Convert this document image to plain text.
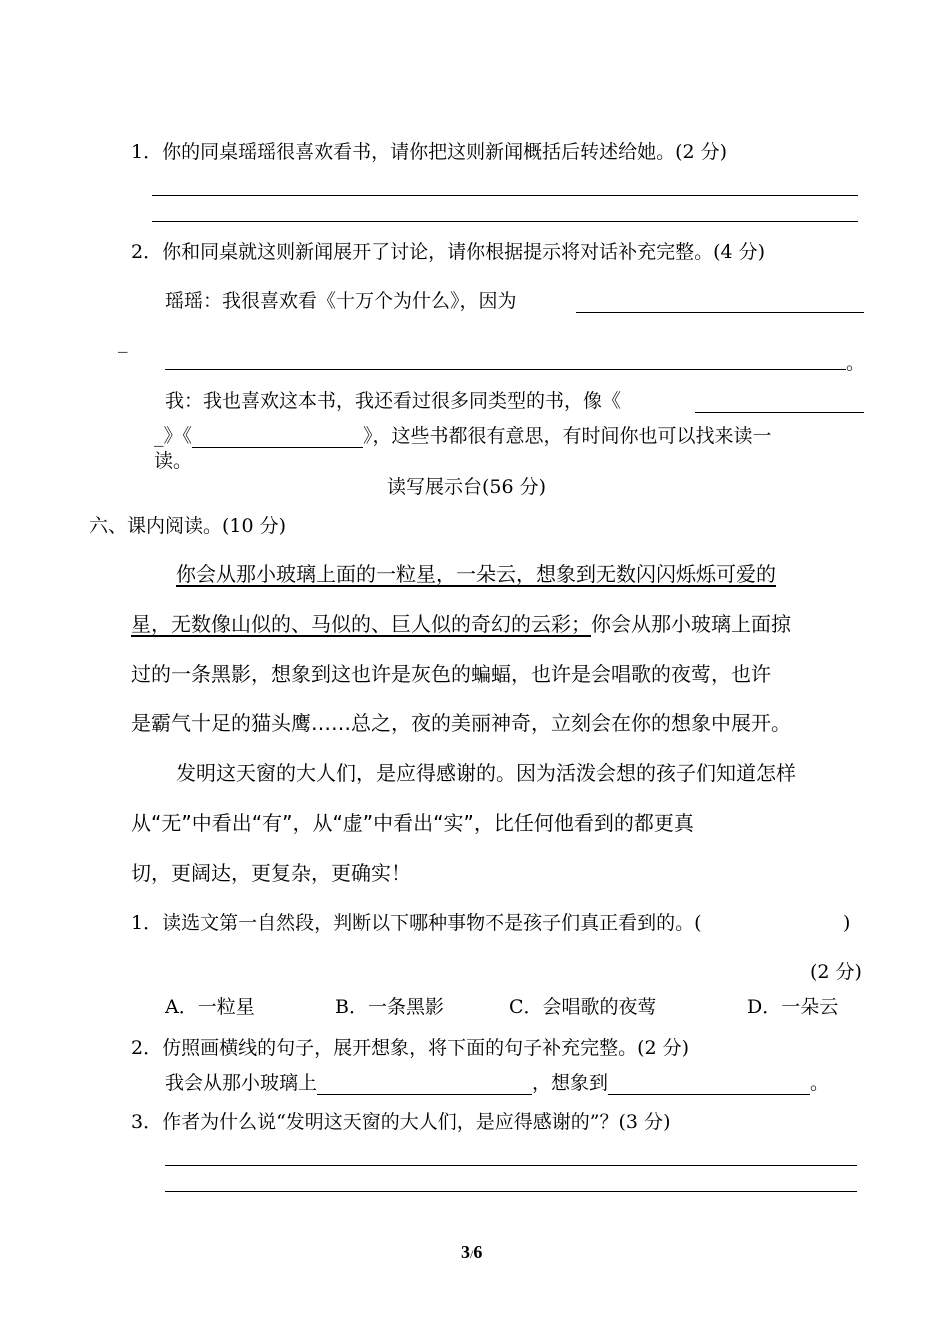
1．你的同桌瑶瑶很喜欢看书，请你把这则新闻概括后转述给她。(2 分)
2．你和同桌就这则新闻展开了讨论，请你根据提示将对话补充完整。(4 分)
瑶瑶：我很喜欢看《十万个为什么》，因为
_
。
我：我也喜欢这本书，我还看过很多同类型的书，像《
_》《	》，这些书都很有意思，有时间你也可以找来读一
读。
读写展示台(56 分)
六、课内阅读。(10 分)
你会从那小玻璃上面的一粒星，一朵云，想象到无数闪闪烁烁可爱的
星，无数像山似的、马似的、巨人似的奇幻的云彩；你会从那小玻璃上面掠
过的一条黑影，想象到这也许是灰色的蝙蝠，也许是会唱歌的夜莺，也许
是霸气十足的猫头鹰……总之，夜的美丽神奇，立刻会在你的想象中展开。
发明这天窗的大人们，是应得感谢的。因为活泼会想的孩子们知道怎样
从“无”中看出“有”，从“虚”中看出“实”，比任何他看到的都更真
切，更阔达，更复杂，更确实！
1．读选文第一自然段，判断以下哪种事物不是孩子们真正看到的。(	)
(2 分)
A．一粒星	B．一条黑影	C．会唱歌的夜莺	D．一朵云
2．仿照画横线的句子，展开想象，将下面的句子补充完整。(2 分)
我会从那小玻璃上	，想象到	。
3．作者为什么说“发明这天窗的大人们，是应得感谢的”？(3 分)
3/6
